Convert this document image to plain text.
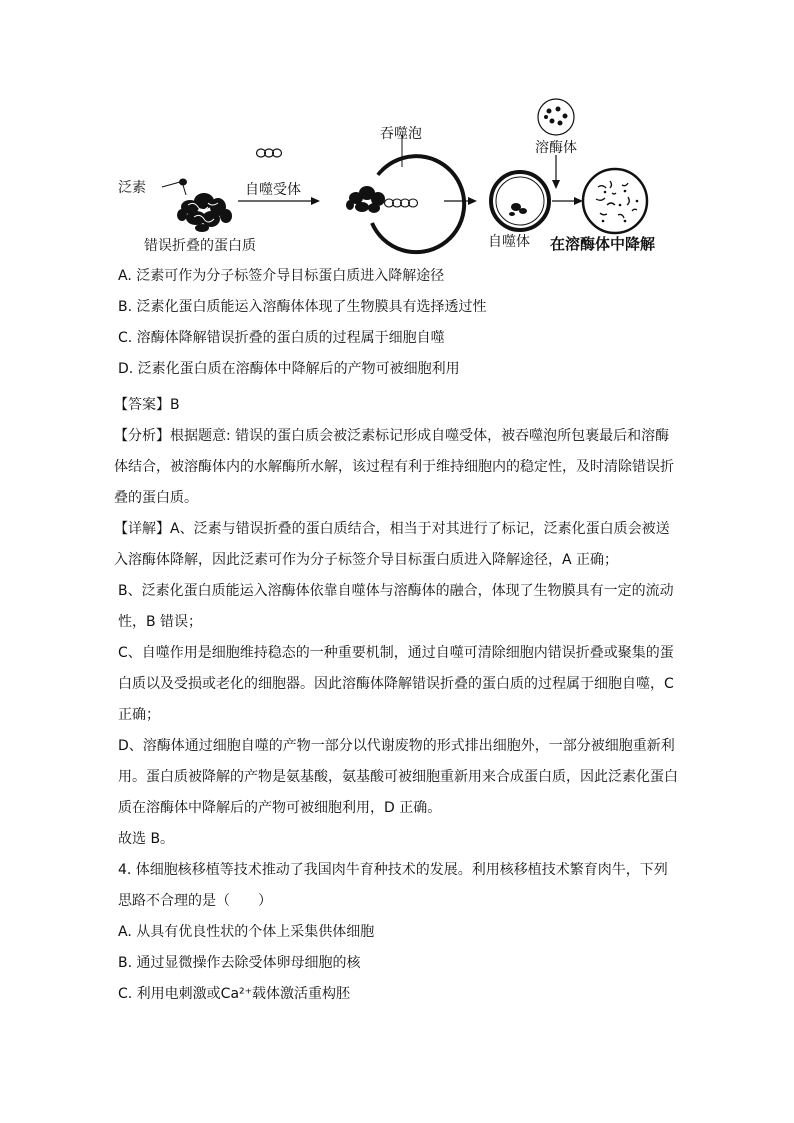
泛素	自噬受体
吞噬泡
溶酶体
错误折叠的蛋白质	自噬体 在溶酶体中降解
A. 泛素可作为分子标签介导目标蛋白质进入降解途径
B. 泛素化蛋白质能运入溶酶体体现了生物膜具有选择透过性
C. 溶酶体降解错误折叠的蛋白质的过程属于细胞自噬
D. 泛素化蛋白质在溶酶体中降解后的产物可被细胞利用

【答案】B

【分析】根据题意: 错误的蛋白质会被泛素标记形成自噬受体，被吞噬泡所包裹最后和溶酶体结合，被溶酶体内的水解酶所水解，该过程有利于维持细胞内的稳定性，及时清除错误折叠的蛋白质。

【详解】A、泛素与错误折叠的蛋白质结合，相当于对其进行了标记，泛素化蛋白质会被送入溶酶体降解，因此泛素可作为分子标签介导目标蛋白质进入降解途径，A 正确；

B、泛素化蛋白质能运入溶酶体依靠自噬体与溶酶体的融合，体现了生物膜具有一定的流动性，B 错误；

C、自噬作用是细胞维持稳态的一种重要机制，通过自噬可清除细胞内错误折叠或聚集的蛋白质以及受损或老化的细胞器。因此溶酶体降解错误折叠的蛋白质的过程属于细胞自噬，C 正确；

D、溶酶体通过细胞自噬的产物一部分以代谢废物的形式排出细胞外，一部分被细胞重新利用。蛋白质被降解的产物是氨基酸，氨基酸可被细胞重新用来合成蛋白质，因此泛素化蛋白质在溶酶体中降解后的产物可被细胞利用，D 正确。

故选 B。

4. 体细胞核移植等技术推动了我国肉牛育种技术的发展。利用核移植技术繁育肉牛，下列思路不合理的是（　　）

A. 从具有优良性状的个体上采集供体细胞

B. 通过显微操作去除受体卵母细胞的核

C. 利用电刺激或Ca²⁺载体激活重构胚
